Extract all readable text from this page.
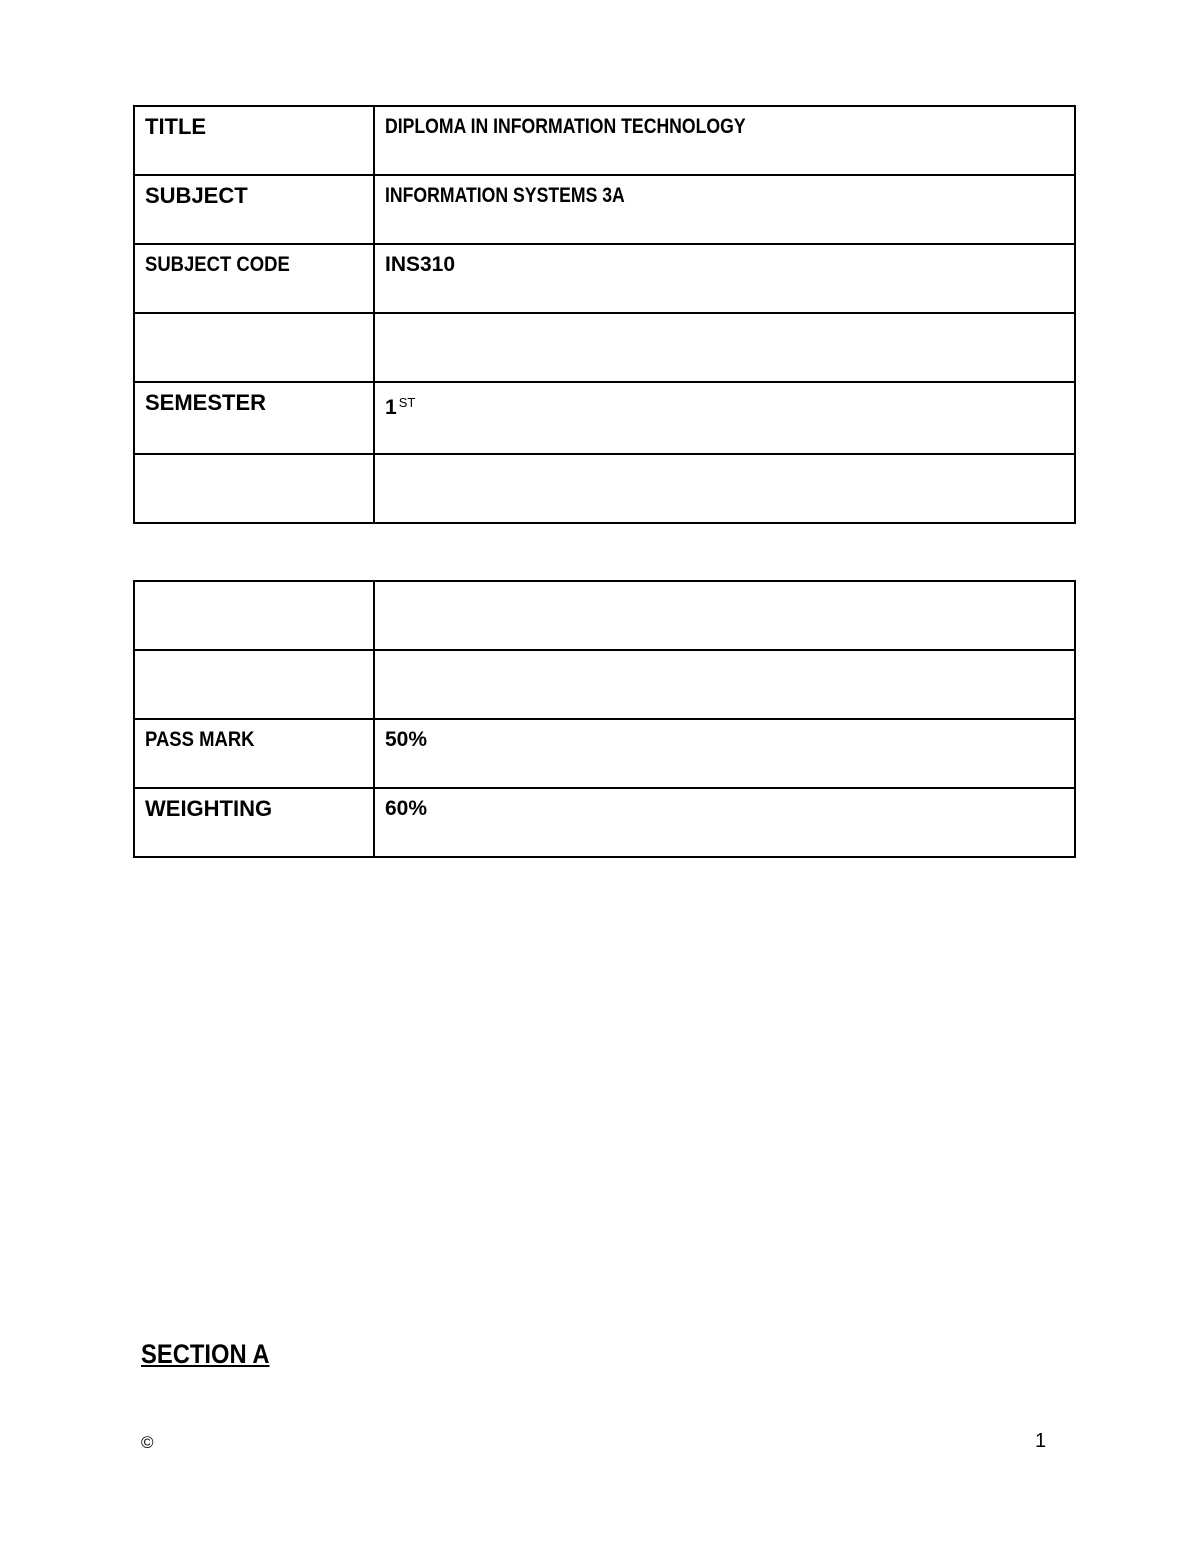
TITLE	DIPLOMA IN INFORMATION TECHNOLOGY
SUBJECT	INFORMATION SYSTEMS 3A
SUBJECT CODE	INS310

SEMESTER	1 $^{ST}$

PASS MARK	50%
WEIGHTING	60%
SECTION A
©	1
